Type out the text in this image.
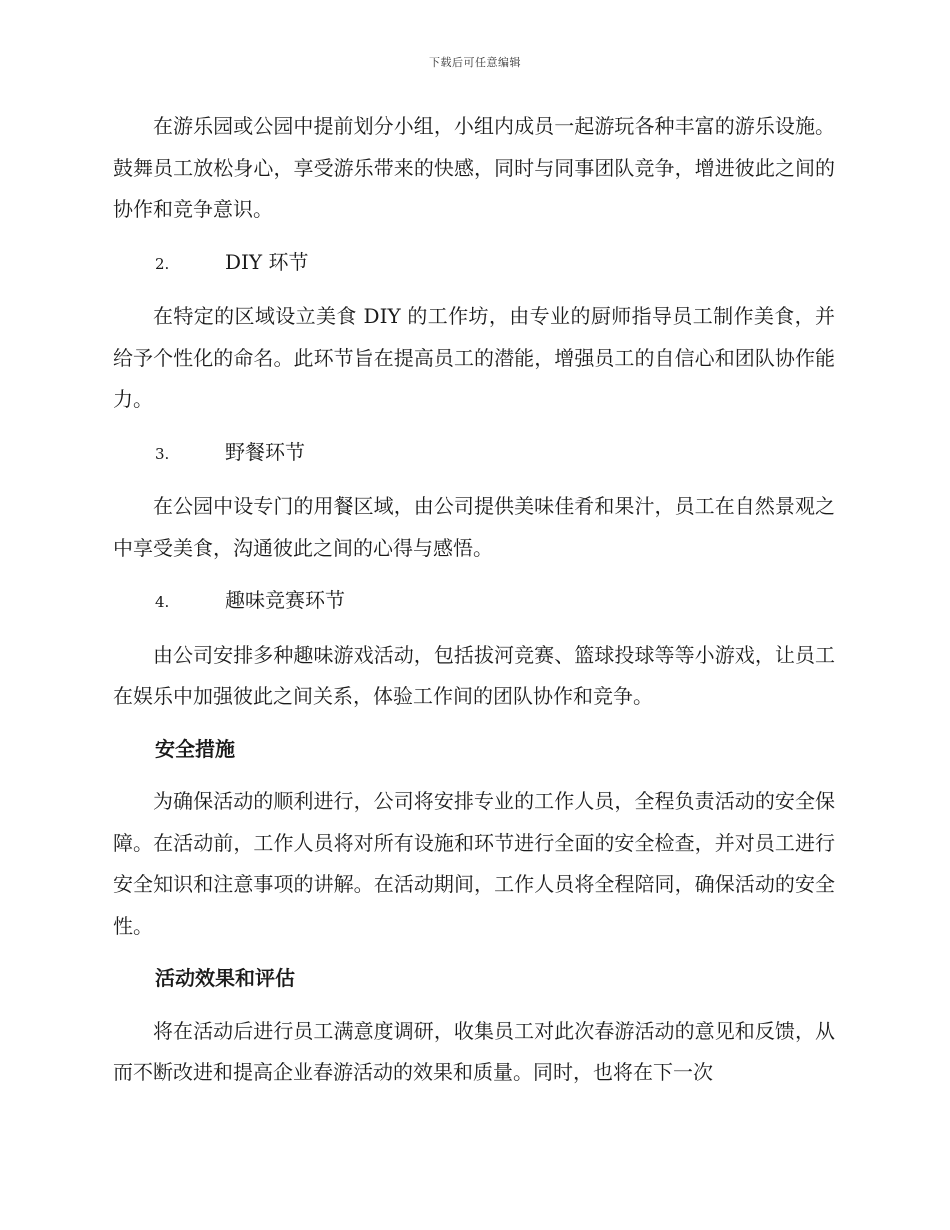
下载后可任意编辑

在游乐园或公园中提前划分小组，小组内成员一起游玩各种丰富的游乐设施。鼓舞员工放松身心，享受游乐带来的快感，同时与同事团队竞争，增进彼此之间的协作和竞争意识。

2.	DIY 环节

在特定的区域设立美食 DIY 的工作坊，由专业的厨师指导员工制作美食，并给予个性化的命名。此环节旨在提高员工的潜能，增强员工的自信心和团队协作能力。

3.	野餐环节

在公园中设专门的用餐区域，由公司提供美味佳肴和果汁，员工在自然景观之中享受美食，沟通彼此之间的心得与感悟。

4.	趣味竞赛环节

由公司安排多种趣味游戏活动，包括拔河竞赛、篮球投球等等小游戏，让员工在娱乐中加强彼此之间关系，体验工作间的团队协作和竞争。

安全措施

为确保活动的顺利进行，公司将安排专业的工作人员，全程负责活动的安全保障。在活动前，工作人员将对所有设施和环节进行全面的安全检查，并对员工进行安全知识和注意事项的讲解。在活动期间，工作人员将全程陪同，确保活动的安全性。

活动效果和评估

将在活动后进行员工满意度调研，收集员工对此次春游活动的意见和反馈，从而不断改进和提高企业春游活动的效果和质量。同时，也将在下一次
